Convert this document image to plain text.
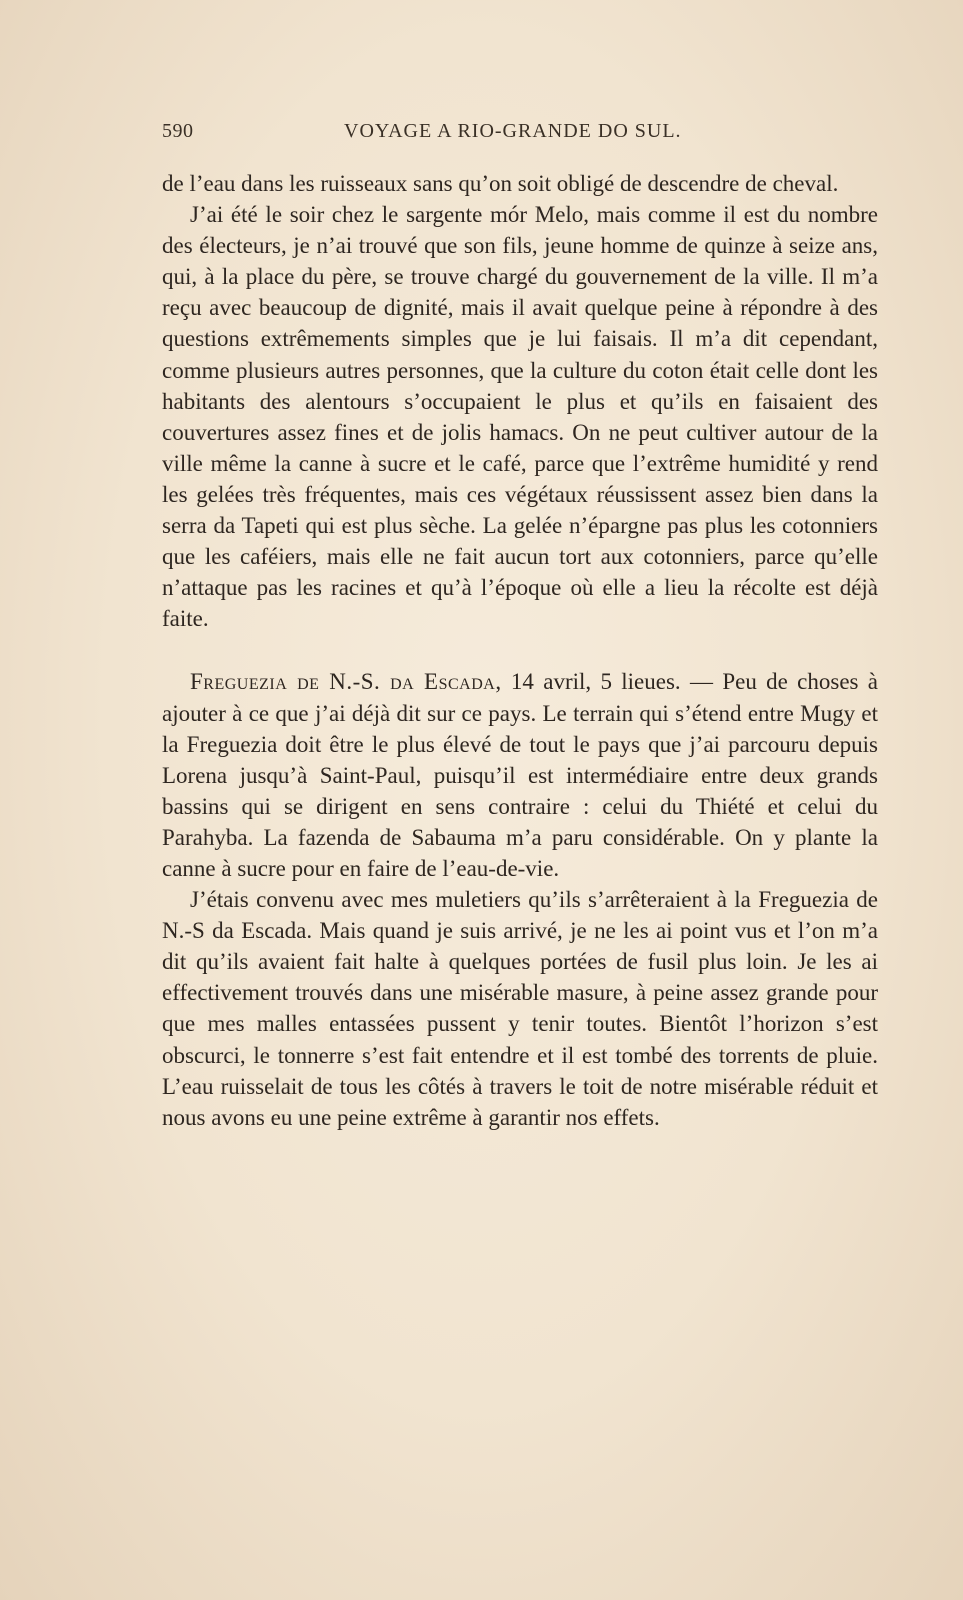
590	VOYAGE A RIO-GRANDE DO SUL.

de l’eau dans les ruisseaux sans qu’on soit obligé de descendre de cheval.

J’ai été le soir chez le sargente mór Melo, mais comme il est du nombre des électeurs, je n’ai trouvé que son fils, jeune homme de quinze à seize ans, qui, à la place du père, se trouve chargé du gouvernement de la ville. Il m’a reçu avec beaucoup de dignité, mais il avait quelque peine à répondre à des questions extrêmements simples que je lui faisais. Il m’a dit cependant, comme plusieurs autres personnes, que la culture du coton était celle dont les habitants des alentours s’occupaient le plus et qu’ils en faisaient des couvertures assez fines et de jolis hamacs. On ne peut cultiver autour de la ville même la canne à sucre et le café, parce que l’extrême humidité y rend les gelées très fréquentes, mais ces végétaux réussissent assez bien dans la serra da Tapeti qui est plus sèche. La gelée n’épargne pas plus les cotonniers que les caféiers, mais elle ne fait aucun tort aux cotonniers, parce qu’elle n’attaque pas les racines et qu’à l’époque où elle a lieu la récolte est déjà faite.

Freguezia de N.-S. da Escada, 14 avril, 5 lieues. — Peu de choses à ajouter à ce que j’ai déjà dit sur ce pays. Le terrain qui s’étend entre Mugy et la Freguezia doit être le plus élevé de tout le pays que j’ai parcouru depuis Lorena jusqu’à Saint-Paul, puisqu’il est intermédiaire entre deux grands bassins qui se dirigent en sens contraire : celui du Thiété et celui du Parahyba. La fazenda de Sabauma m’a paru considérable. On y plante la canne à sucre pour en faire de l’eau-de-vie.

J’étais convenu avec mes muletiers qu’ils s’arrêteraient à la Freguezia de N.-S da Escada. Mais quand je suis arrivé, je ne les ai point vus et l’on m’a dit qu’ils avaient fait halte à quelques portées de fusil plus loin. Je les ai effectivement trouvés dans une misérable masure, à peine assez grande pour que mes malles entassées pussent y tenir toutes. Bientôt l’horizon s’est obscurci, le tonnerre s’est fait entendre et il est tombé des torrents de pluie. L’eau ruisselait de tous les côtés à travers le toit de notre misérable réduit et nous avons eu une peine extrême à garantir nos effets.
